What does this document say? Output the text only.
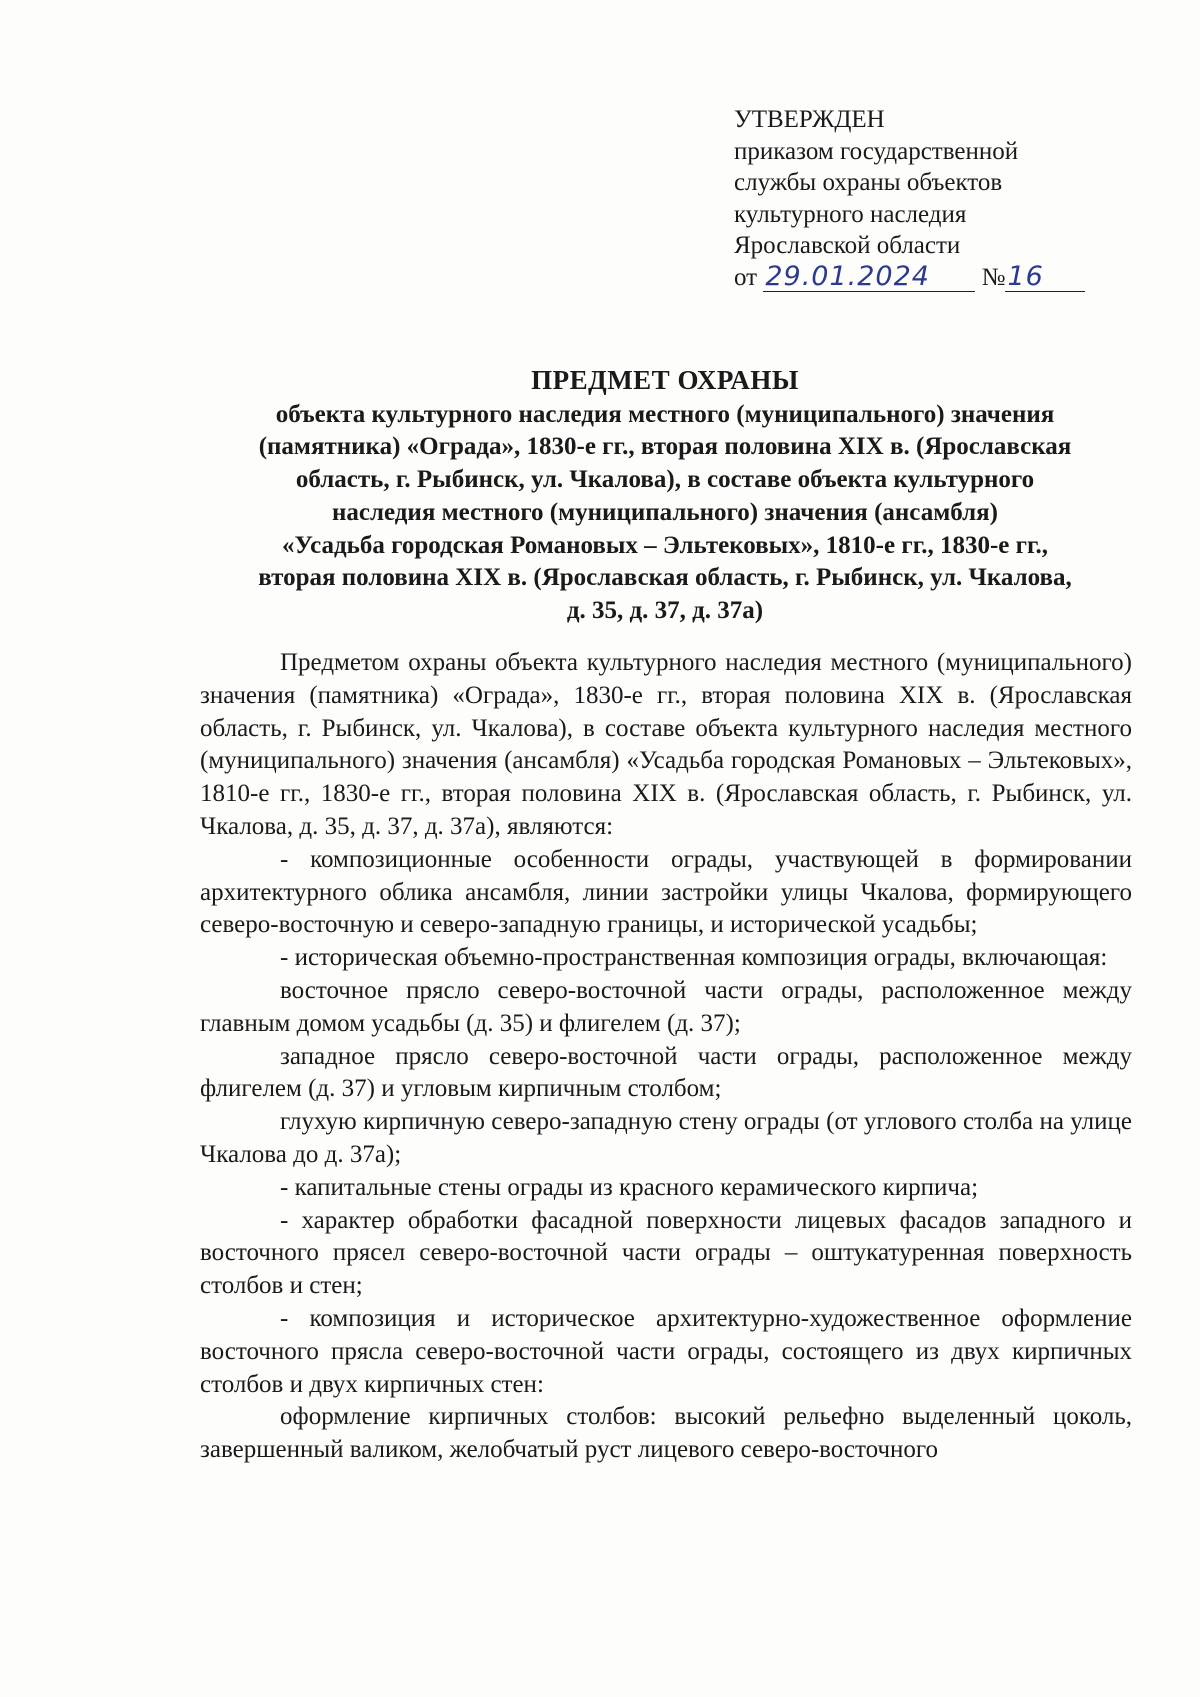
УТВЕРЖДЕН
приказом государственной
службы охраны объектов
культурного наследия
Ярославской области
от 29.01.2024 №16
ПРЕДМЕТ ОХРАНЫ
объекта культурного наследия местного (муниципального) значения
(памятника) «Ограда», 1830-е гг., вторая половина XIX в. (Ярославская
область, г. Рыбинск, ул. Чкалова), в составе объекта культурного
наследия местного (муниципального) значения (ансамбля)
«Усадьба городская Романовых – Эльтековых», 1810-е гг., 1830-е гг.,
вторая половина XIX в. (Ярославская область, г. Рыбинск, ул. Чкалова,
д. 35, д. 37, д. 37а)

Предметом охраны объекта культурного наследия местного (муниципального) значения (памятника) «Ограда», 1830-е гг., вторая половина XIX в. (Ярославская область, г. Рыбинск, ул. Чкалова), в составе объекта культурного наследия местного (муниципального) значения (ансамбля) «Усадьба городская Романовых – Эльтековых», 1810-е гг., 1830-е гг., вторая половина XIX в. (Ярославская область, г. Рыбинск, ул. Чкалова, д. 35, д. 37, д. 37а), являются:

- композиционные особенности ограды, участвующей в формировании архитектурного облика ансамбля, линии застройки улицы Чкалова, формирующего северо-восточную и северо-западную границы, и исторической усадьбы;

- историческая объемно-пространственная композиция ограды, включающая:

восточное прясло северо-восточной части ограды, расположенное между главным домом усадьбы (д. 35) и флигелем (д. 37);

западное прясло северо-восточной части ограды, расположенное между флигелем (д. 37) и угловым кирпичным столбом;

глухую кирпичную северо-западную стену ограды (от углового столба на улице Чкалова до д. 37а);

- капитальные стены ограды из красного керамического кирпича;

- характер обработки фасадной поверхности лицевых фасадов западного и восточного прясел северо-восточной части ограды – оштукатуренная поверхность столбов и стен;

- композиция и историческое архитектурно-художественное оформление восточного прясла северо-восточной части ограды, состоящего из двух кирпичных столбов и двух кирпичных стен:

оформление кирпичных столбов: высокий рельефно выделенный цоколь, завершенный валиком, желобчатый руст лицевого северо-восточного
